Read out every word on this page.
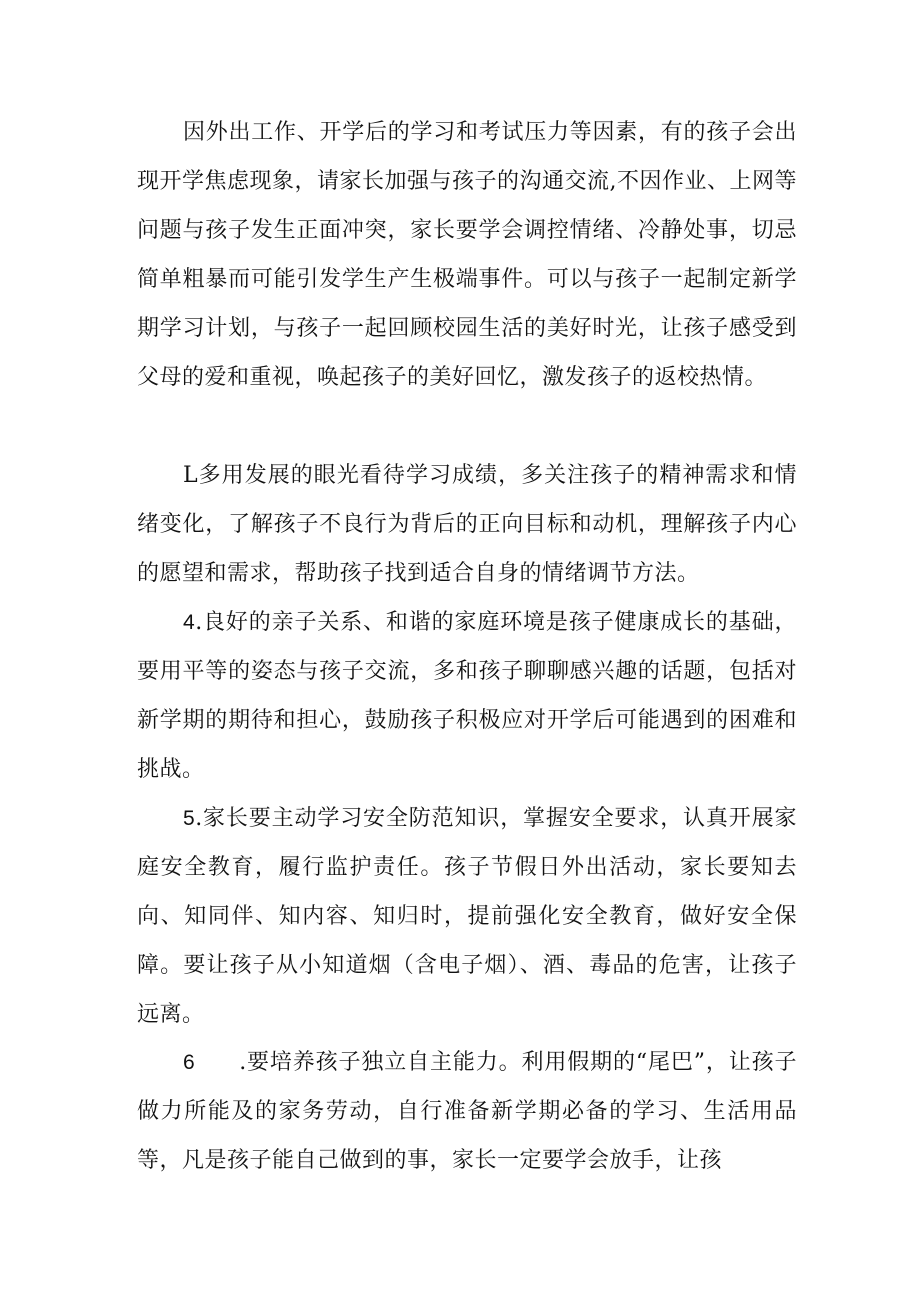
因外出工作、开学后的学习和考试压力等因素，有的孩子会出现开学焦虑现象，请家长加强与孩子的沟通交流,不因作业、上网等问题与孩子发生正面冲突，家长要学会调控情绪、冷静处事，切忌简单粗暴而可能引发学生产生极端事件。可以与孩子一起制定新学期学习计划，与孩子一起回顾校园生活的美好时光，让孩子感受到父母的爱和重视，唤起孩子的美好回忆，激发孩子的返校热情。

L多用发展的眼光看待学习成绩，多关注孩子的精神需求和情绪变化，了解孩子不良行为背后的正向目标和动机，理解孩子内心的愿望和需求，帮助孩子找到适合自身的情绪调节方法。

4.良好的亲子关系、和谐的家庭环境是孩子健康成长的基础，要用平等的姿态与孩子交流，多和孩子聊聊感兴趣的话题，包括对新学期的期待和担心，鼓励孩子积极应对开学后可能遇到的困难和挑战。

5.家长要主动学习安全防范知识，掌握安全要求，认真开展家庭安全教育，履行监护责任。孩子节假日外出活动，家长要知去向、知同伴、知内容、知归时，提前强化安全教育，做好安全保障。要让孩子从小知道烟（含电子烟）、酒、毒品的危害，让孩子远离。

6 .要培养孩子独立自主能力。利用假期的“尾巴”，让孩子做力所能及的家务劳动，自行准备新学期必备的学习、生活用品等，凡是孩子能自己做到的事，家长一定要学会放手，让孩
